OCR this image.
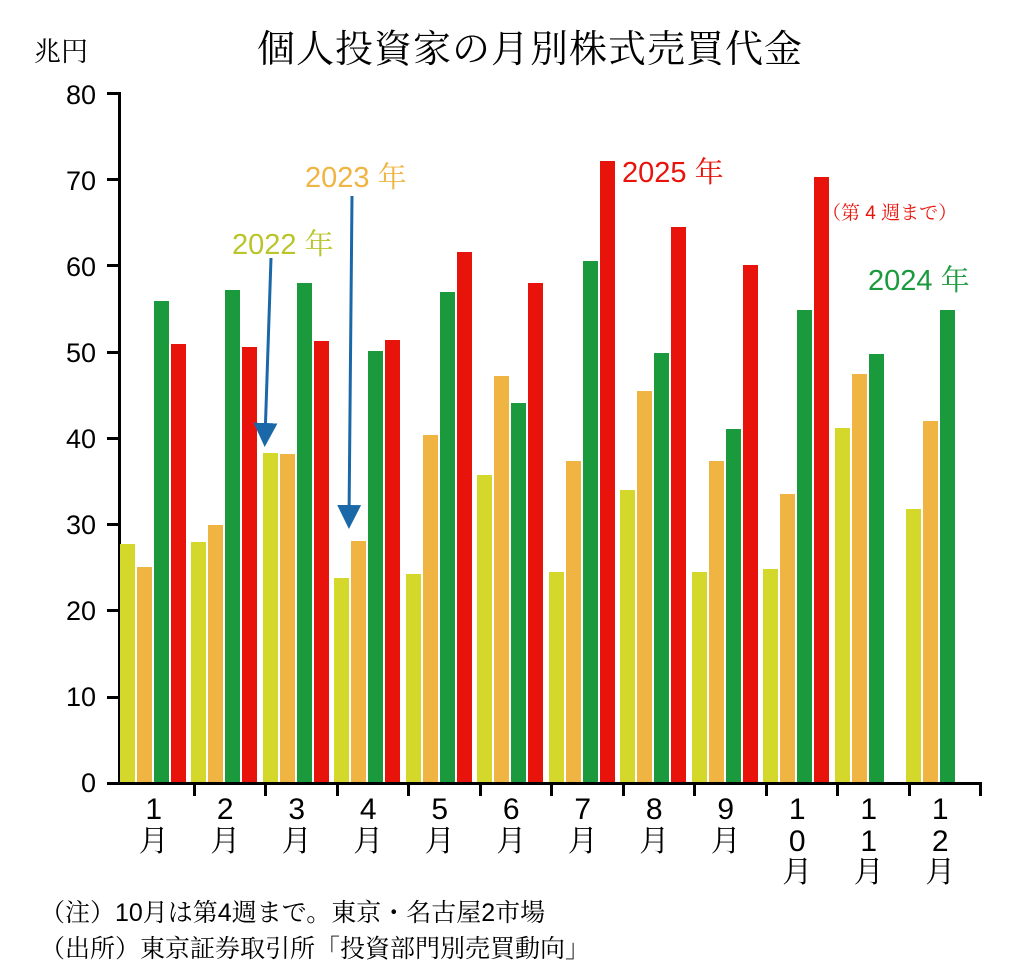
個人投資家の月別株式売買代金
兆円
80
70
60
50
40
30
20
10
0
1
月
2
月
3
月
4
月
5
月
6
月
7
月
8
月
9
月
1
0
月
1
1
月
1
2
月
2022 年
2023 年
2024 年
2025 年
（第 4 週まで）
（注）10月は第4週まで。東京・名古屋2市場
（出所）東京証券取引所「投資部門別売買動向」
